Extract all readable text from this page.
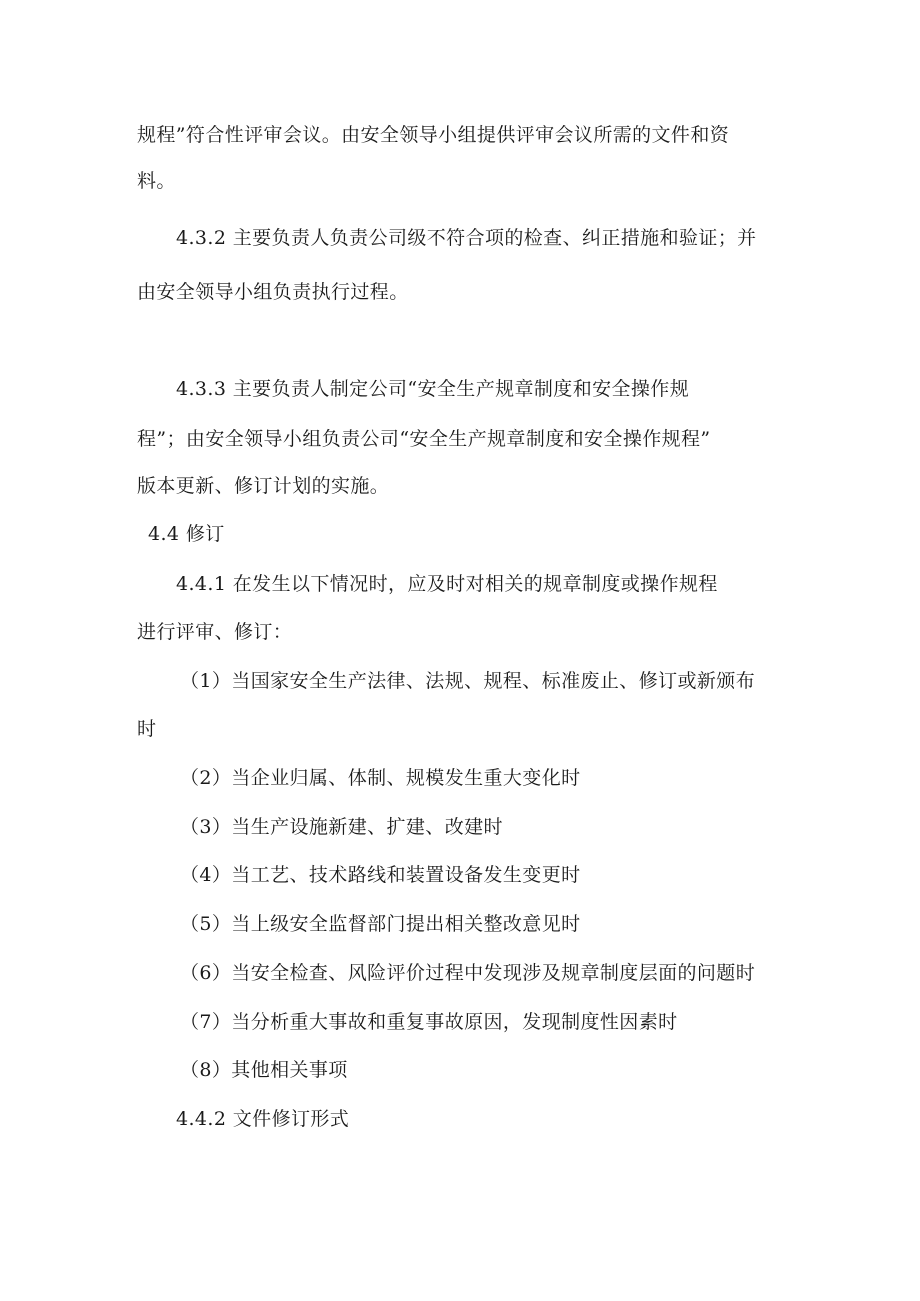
规程”符合性评审会议。由安全领导小组提供评审会议所需的文件和资
料。
4.3.2 主要负责人负责公司级不符合项的检查、纠正措施和验证；并
由安全领导小组负责执行过程。
4.3.3 主要负责人制定公司“安全生产规章制度和安全操作规
程”；由安全领导小组负责公司“安全生产规章制度和安全操作规程”
版本更新、修订计划的实施。
4.4 修订
4.4.1 在发生以下情况时，应及时对相关的规章制度或操作规程
进行评审、修订：
（1）当国家安全生产法律、法规、规程、标准废止、修订或新颁布
时
（2）当企业归属、体制、规模发生重大变化时
（3）当生产设施新建、扩建、改建时
（4）当工艺、技术路线和装置设备发生变更时
（5）当上级安全监督部门提出相关整改意见时
（6）当安全检查、风险评价过程中发现涉及规章制度层面的问题时
（7）当分析重大事故和重复事故原因，发现制度性因素时
（8）其他相关事项
4.4.2 文件修订形式
